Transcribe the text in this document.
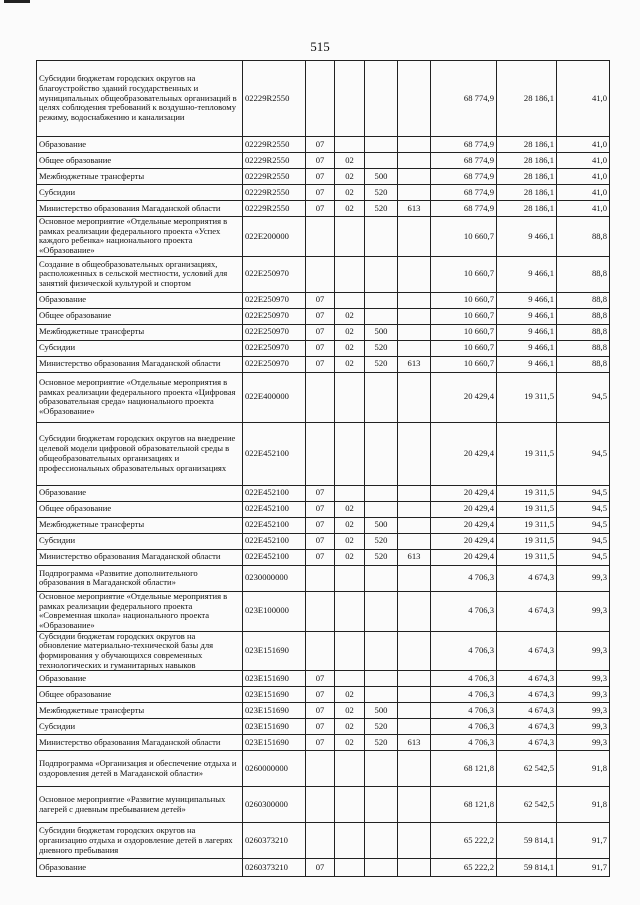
515
Субсидии бюджетам городских округов на благоустройство зданий государственных и муниципальных общеобразовательных организаций в целях соблюдения требований к воздушно-тепловому режиму, водоснабжению и канализации	02229R2550					68 774,9	28 186,1	41,0
Образование	02229R2550	07				68 774,9	28 186,1	41,0
Общее образование	02229R2550	07	02			68 774,9	28 186,1	41,0
Межбюджетные трансферты	02229R2550	07	02	500		68 774,9	28 186,1	41,0
Субсидии	02229R2550	07	02	520		68 774,9	28 186,1	41,0
Министерство образования Магаданской области	02229R2550	07	02	520	613	68 774,9	28 186,1	41,0
Основное мероприятие «Отдельные мероприятия в рамках реализации федерального проекта «Успех каждого ребенка» национального проекта «Образование»	022E200000					10 660,7	9 466,1	88,8
Создание в общеобразовательных организациях, расположенных в сельской местности, условий для занятий физической культурой и спортом	022E250970					10 660,7	9 466,1	88,8
Образование	022E250970	07				10 660,7	9 466,1	88,8
Общее образование	022E250970	07	02			10 660,7	9 466,1	88,8
Межбюджетные трансферты	022E250970	07	02	500		10 660,7	9 466,1	88,8
Субсидии	022E250970	07	02	520		10 660,7	9 466,1	88,8
Министерство образования Магаданской области	022E250970	07	02	520	613	10 660,7	9 466,1	88,8
Основное мероприятие «Отдельные мероприятия в рамках реализации федерального проекта «Цифровая образовательная среда» национального проекта «Образование»	022E400000					20 429,4	19 311,5	94,5
Субсидии бюджетам городских округов на внедрение целевой модели цифровой образовательной среды в общеобразовательных организациях и профессиональных образовательных организациях	022E452100					20 429,4	19 311,5	94,5
Образование	022E452100	07				20 429,4	19 311,5	94,5
Общее образование	022E452100	07	02			20 429,4	19 311,5	94,5
Межбюджетные трансферты	022E452100	07	02	500		20 429,4	19 311,5	94,5
Субсидии	022E452100	07	02	520		20 429,4	19 311,5	94,5
Министерство образования Магаданской области	022E452100	07	02	520	613	20 429,4	19 311,5	94,5
Подпрограмма «Развитие дополнительного образования в Магаданской области»	0230000000					4 706,3	4 674,3	99,3
Основное мероприятие «Отдельные мероприятия в рамках реализации федерального проекта «Современная школа» национального проекта «Образование»	023E100000					4 706,3	4 674,3	99,3
Субсидии бюджетам городских округов на обновление материально-технической базы для формирования у обучающихся современных технологических и гуманитарных навыков	023E151690					4 706,3	4 674,3	99,3
Образование	023E151690	07				4 706,3	4 674,3	99,3
Общее образование	023E151690	07	02			4 706,3	4 674,3	99,3
Межбюджетные трансферты	023E151690	07	02	500		4 706,3	4 674,3	99,3
Субсидии	023E151690	07	02	520		4 706,3	4 674,3	99,3
Министерство образования Магаданской области	023E151690	07	02	520	613	4 706,3	4 674,3	99,3
Подпрограмма «Организация и обеспечение отдыха и оздоровления детей в Магаданской области»	0260000000					68 121,8	62 542,5	91,8
Основное мероприятие «Развитие муниципальных лагерей с дневным пребыванием детей»	0260300000					68 121,8	62 542,5	91,8
Субсидии бюджетам городских округов на организацию отдыха и оздоровление детей в лагерях дневного пребывания	0260373210					65 222,2	59 814,1	91,7
Образование	0260373210	07				65 222,2	59 814,1	91,7
